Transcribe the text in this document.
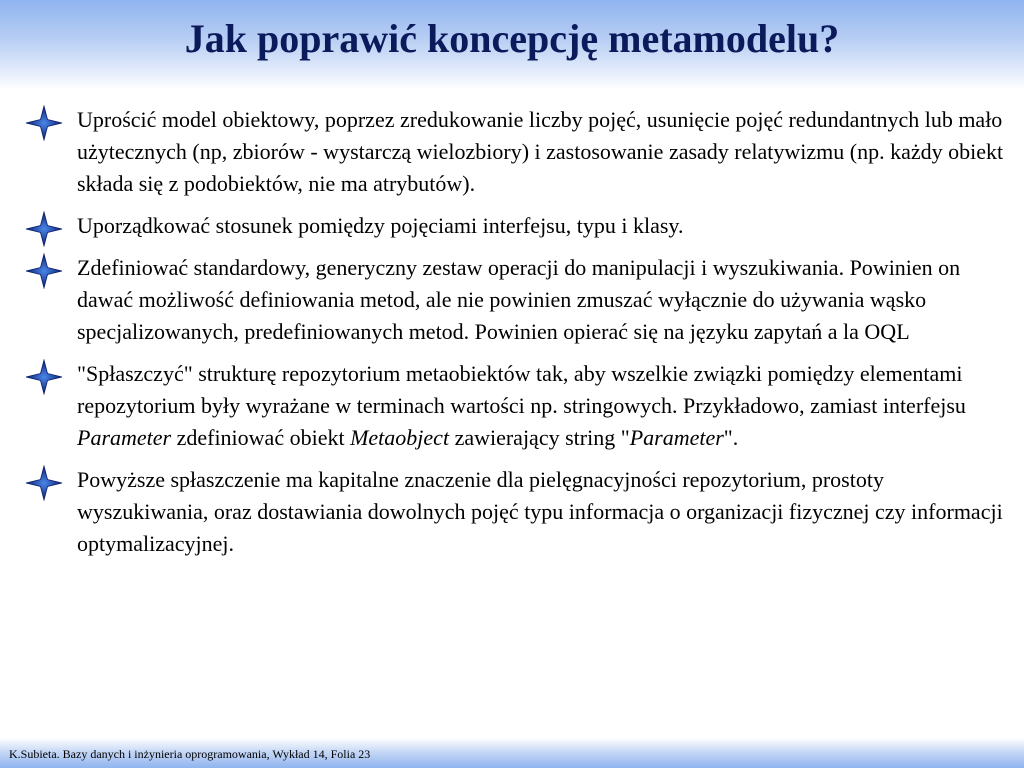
Jak poprawić koncepcję metamodelu?
Uprościć model obiektowy, poprzez zredukowanie liczby pojęć, usunięcie pojęć redundantnych lub mało użytecznych (np, zbiorów - wystarczą wielozbiory) i zastosowanie zasady relatywizmu (np. każdy obiekt składa się z podobiektów, nie ma atrybutów).
Uporządkować stosunek pomiędzy pojęciami interfejsu, typu i klasy.
Zdefiniować standardowy, generyczny zestaw operacji do manipulacji i wyszukiwania. Powinien on dawać możliwość definiowania metod, ale nie powinien zmuszać wyłącznie do używania wąsko specjalizowanych, predefiniowanych metod. Powinien opierać się na języku zapytań a la OQL
"Spłaszczyć" strukturę repozytorium metaobiektów tak, aby wszelkie związki pomiędzy elementami repozytorium były wyrażane w terminach wartości np. stringowych. Przykładowo, zamiast interfejsu Parameter zdefiniować obiekt Metaobject zawierający string "Parameter".
Powyższe spłaszczenie ma kapitalne znaczenie dla pielęgnacyjności repozytorium, prostoty wyszukiwania, oraz dostawiania dowolnych pojęć typu informacja o organizacji fizycznej czy informacji optymalizacyjnej.
K.Subieta. Bazy danych i inżynieria oprogramowania, Wykład 14, Folia 23
